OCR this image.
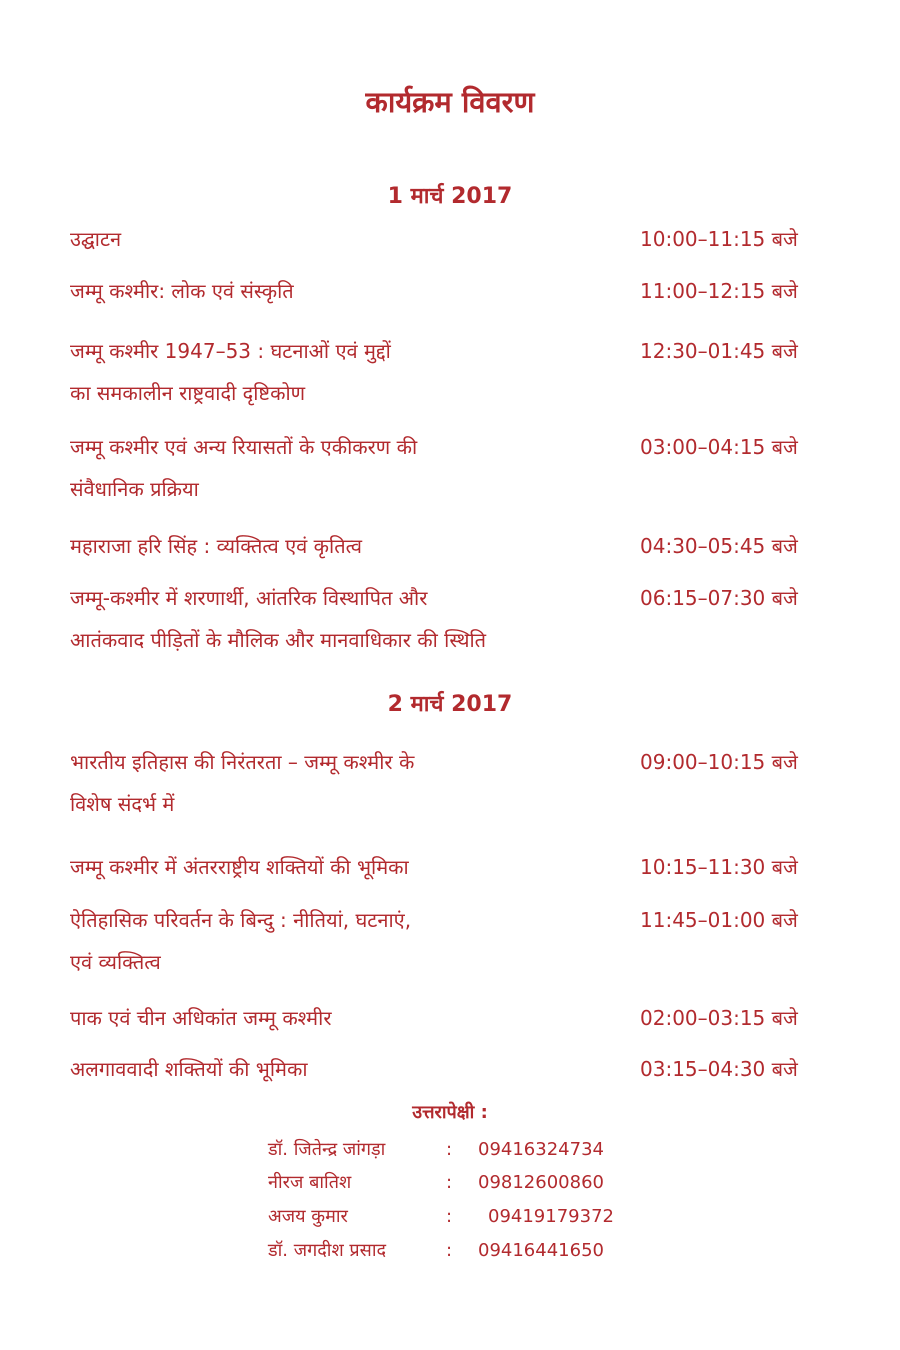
कार्यक्रम विवरण
1 मार्च 2017
उद्घाटन	10:00–11:15 बजे
जम्मू कश्मीर: लोक एवं संस्कृति	11:00–12:15 बजे
जम्मू कश्मीर 1947–53 : घटनाओं एवं मुद्दों
का समकालीन राष्ट्रवादी दृष्टिकोण
12:30–01:45 बजे
जम्मू कश्मीर एवं अन्य रियासतों के एकीकरण की
संवैधानिक प्रक्रिया
03:00–04:15 बजे
महाराजा हरि सिंह : व्यक्तित्व एवं कृतित्व	04:30–05:45 बजे
जम्मू-कश्मीर में शरणार्थी, आंतरिक विस्थापित और
आतंकवाद पीड़ितों के मौलिक और मानवाधिकार की स्थिति
06:15–07:30 बजे
2 मार्च 2017
भारतीय इतिहास की निरंतरता – जम्मू कश्मीर के
विशेष संदर्भ में
09:00–10:15 बजे
जम्मू कश्मीर में अंतरराष्ट्रीय शक्तियों की भूमिका	10:15–11:30 बजे
ऐतिहासिक परिवर्तन के बिन्दु : नीतियां, घटनाएं,
एवं व्यक्तित्व
11:45–01:00 बजे
पाक एवं चीन अधिकांत जम्मू कश्मीर	02:00–03:15 बजे
अलगाववादी शक्तियों की भूमिका	03:15–04:30 बजे
उत्तरापेक्षी :
डॉ. जितेन्द्र जांगड़ा	: 09416324734
नीरज बातिश	: 09812600860
अजय कुमार	: 09419179372
डॉ. जगदीश प्रसाद	: 09416441650
